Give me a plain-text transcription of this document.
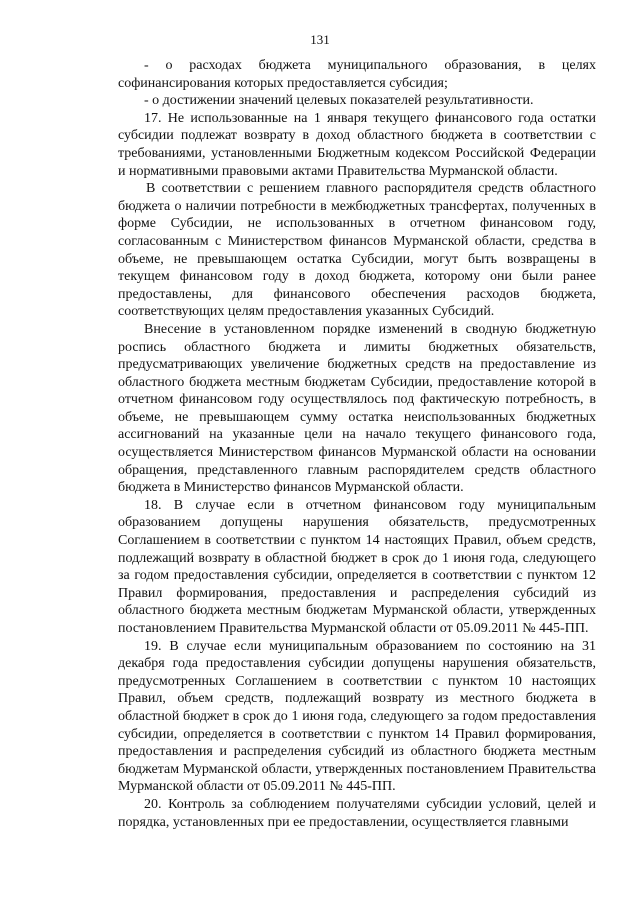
131

- о расходах бюджета муниципального образования, в целях софинансирования которых предоставляется субсидия;

- о достижении значений целевых показателей результативности.

17. Не использованные на 1 января текущего финансового года остатки субсидии подлежат возврату в доход областного бюджета в соответствии с требованиями, установленными Бюджетным кодексом Российской Федерации и нормативными правовыми актами Правительства Мурманской области.

В соответствии с решением главного распорядителя средств областного бюджета о наличии потребности в межбюджетных трансфертах, полученных в форме Субсидии, не использованных в отчетном финансовом году, согласованным с Министерством финансов Мурманской области, средства в объеме, не превышающем остатка Субсидии, могут быть возвращены в текущем финансовом году в доход бюджета, которому они были ранее предоставлены, для финансового обеспечения расходов бюджета, соответствующих целям предоставления указанных Субсидий.

Внесение в установленном порядке изменений в сводную бюджетную роспись областного бюджета и лимиты бюджетных обязательств, предусматривающих увеличение бюджетных средств на предоставление из областного бюджета местным бюджетам Субсидии, предоставление которой в отчетном финансовом году осуществлялось под фактическую потребность, в объеме, не превышающем сумму остатка неиспользованных бюджетных ассигнований на указанные цели на начало текущего финансового года, осуществляется Министерством финансов Мурманской области на основании обращения, представленного главным распорядителем средств областного бюджета в Министерство финансов Мурманской области.

18. В случае если в отчетном финансовом году муниципальным образованием допущены нарушения обязательств, предусмотренных Соглашением в соответствии с пунктом 14 настоящих Правил, объем средств, подлежащий возврату в областной бюджет в срок до 1 июня года, следующего за годом предоставления субсидии, определяется в соответствии с пунктом 12 Правил формирования, предоставления и распределения субсидий из областного бюджета местным бюджетам Мурманской области, утвержденных постановлением Правительства Мурманской области от 05.09.2011 № 445-ПП.

19. В случае если муниципальным образованием по состоянию на 31 декабря года предоставления субсидии допущены нарушения обязательств, предусмотренных Соглашением в соответствии с пунктом 10 настоящих Правил, объем средств, подлежащий возврату из местного бюджета в областной бюджет в срок до 1 июня года, следующего за годом предоставления субсидии, определяется в соответствии с пунктом 14 Правил формирования, предоставления и распределения субсидий из областного бюджета местным бюджетам Мурманской области, утвержденных постановлением Правительства Мурманской области от 05.09.2011 № 445-ПП.

20. Контроль за соблюдением получателями субсидии условий, целей и порядка, установленных при ее предоставлении, осуществляется главными
